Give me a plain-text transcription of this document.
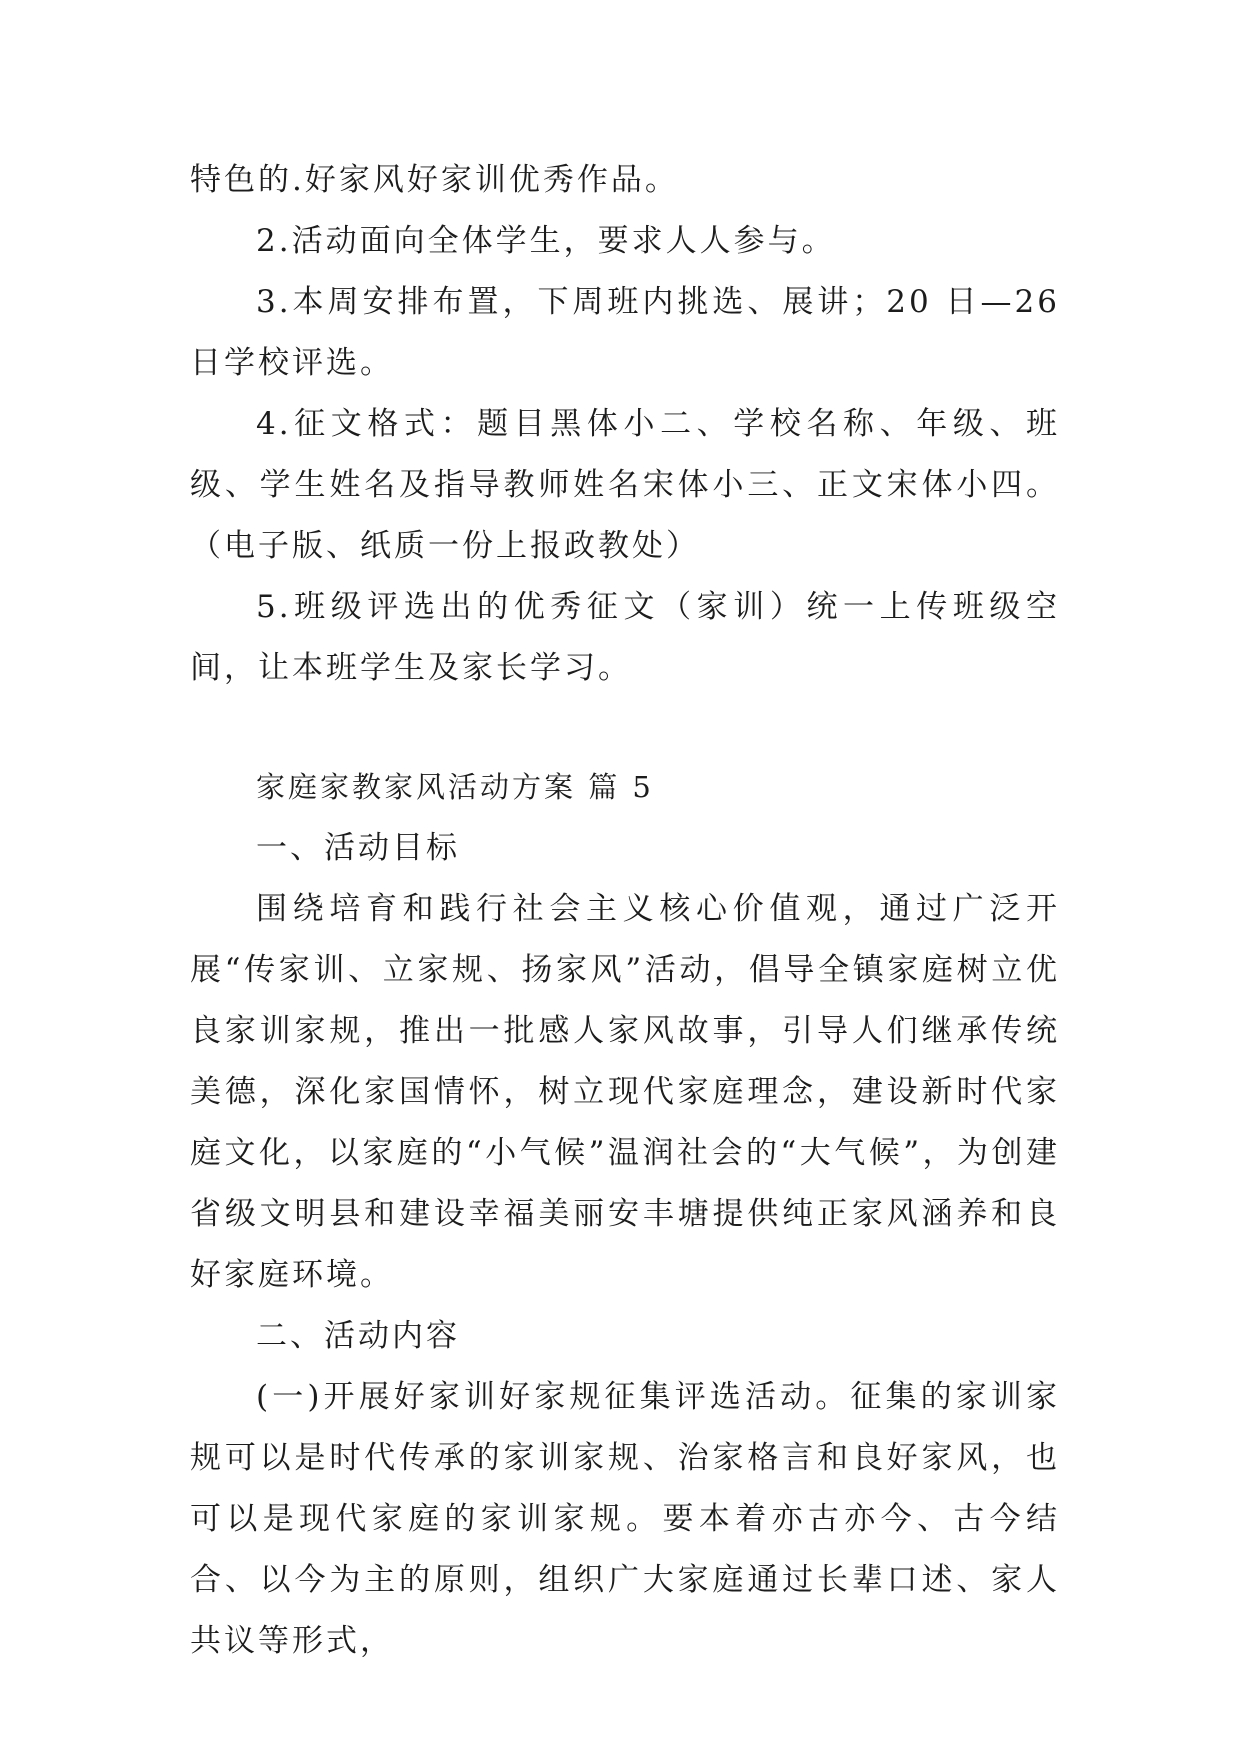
特色的.好家风好家训优秀作品。

2.活动面向全体学生，要求人人参与。

3.本周安排布置，下周班内挑选、展讲；20 日—26 日学校评选。

4.征文格式：题目黑体小二、学校名称、年级、班级、学生姓名及指导教师姓名宋体小三、正文宋体小四。（电子版、纸质一份上报政教处）

5.班级评选出的优秀征文（家训）统一上传班级空间，让本班学生及家长学习。

家庭家教家风活动方案 篇 5

一、活动目标

围绕培育和践行社会主义核心价值观，通过广泛开展“传家训、立家规、扬家风”活动，倡导全镇家庭树立优良家训家规，推出一批感人家风故事，引导人们继承传统美德，深化家国情怀，树立现代家庭理念，建设新时代家庭文化，以家庭的“小气候”温润社会的“大气候”，为创建省级文明县和建设幸福美丽安丰塘提供纯正家风涵养和良好家庭环境。

二、活动内容

(一)开展好家训好家规征集评选活动。征集的家训家规可以是时代传承的家训家规、治家格言和良好家风，也可以是现代家庭的家训家规。要本着亦古亦今、古今结合、以今为主的原则，组织广大家庭通过长辈口述、家人共议等形式，
